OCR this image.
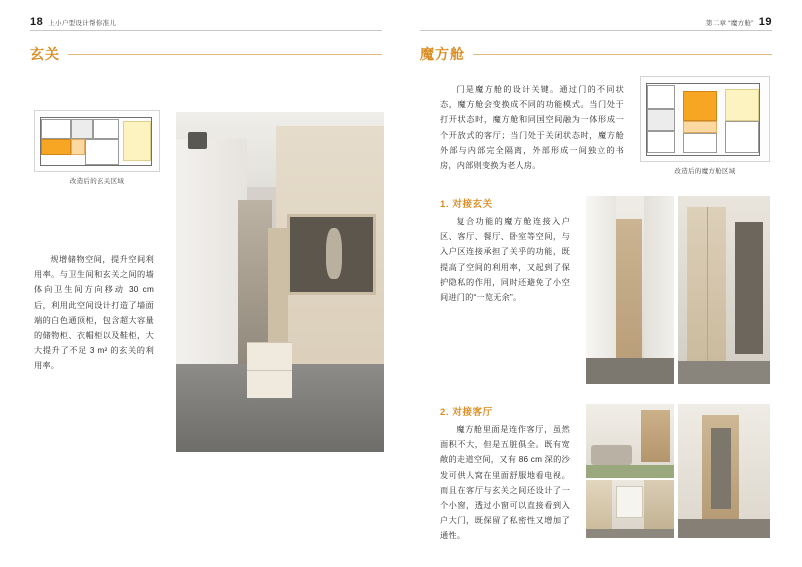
18 上小户型设计帮你准儿	第二章 “魔方舱” 19
玄关
改造后的玄关区域

规增储物空间，提升空间利用率。与卫生间和玄关之间的墙体向卫生间方向移动 30 cm 后，利用此空间设计打造了墙面端的白色通顶柜，包含超大容量的储物柜、衣帽柜以及鞋柜，大大提升了不足 3 m² 的玄关的利用率。

魔方舱

门是魔方舱的设计关键。通过门的不同状态，魔方舱会变换成不同的功能模式。当门处于打开状态时，魔方舱和同国空间融为一体形成一个开放式的客厅；当门处于关闭状态时，魔方舱外部与内部完全隔离，外部形成一间独立的书房，内部则变换为老人房。

改造后的魔方舱区域
1. 对接玄关

复合功能的魔方舱连接入户区、客厅、餐厅、卧室等空间，与入户区连接承担了关乎的功能，既提高了空间的利用率，又起到了保护隐私的作用，同时还避免了小空间进门的“一览无余”。

2. 对接客厅

魔方舱里面是连作客厅，虽然面积不大，但是五脏俱全。既有宽敞的走道空间，又有 86 cm 深的沙发可供人窝在里面舒服地看电视。而且在客厅与玄关之间还设计了一个小窗，透过小窗可以直接看到入户大门，既保留了私密性又增加了通性。
